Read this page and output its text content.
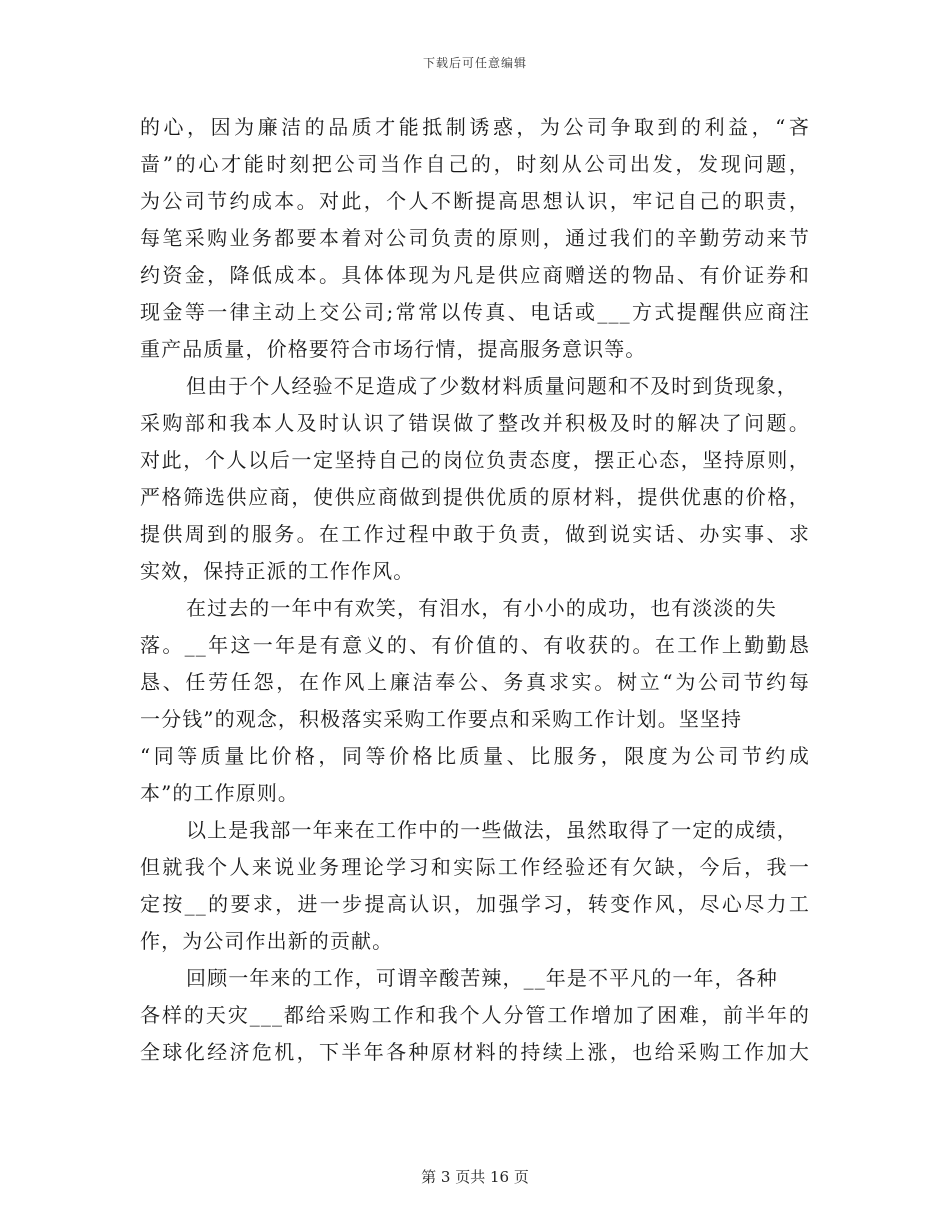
下载后可任意编辑
的心，因为廉洁的品质才能抵制诱惑，为公司争取到的利益，“吝
啬”的心才能时刻把公司当作自己的，时刻从公司出发，发现问题，
为公司节约成本。对此，个人不断提高思想认识，牢记自己的职责，
每笔采购业务都要本着对公司负责的原则，通过我们的辛勤劳动来节
约资金，降低成本。具体体现为凡是供应商赠送的物品、有价证券和
现金等一律主动上交公司;常常以传真、电话或___方式提醒供应商注
重产品质量，价格要符合市场行情，提高服务意识等。
但由于个人经验不足造成了少数材料质量问题和不及时到货现象，
采购部和我本人及时认识了错误做了整改并积极及时的解决了问题。
对此，个人以后一定坚持自己的岗位负责态度，摆正心态，坚持原则，
严格筛选供应商，使供应商做到提供优质的原材料，提供优惠的价格，
提供周到的服务。在工作过程中敢于负责，做到说实话、办实事、求
实效，保持正派的工作作风。
在过去的一年中有欢笑，有泪水，有小小的成功，也有淡淡的失
落。__年这一年是有意义的、有价值的、有收获的。在工作上勤勤恳
恳、任劳任怨，在作风上廉洁奉公、务真求实。树立“为公司节约每
一分钱”的观念，积极落实采购工作要点和采购工作计划。坚坚持
“同等质量比价格，同等价格比质量、比服务，限度为公司节约成
本”的工作原则。
以上是我部一年来在工作中的一些做法，虽然取得了一定的成绩，
但就我个人来说业务理论学习和实际工作经验还有欠缺，今后，我一
定按__的要求，进一步提高认识，加强学习，转变作风，尽心尽力工
作，为公司作出新的贡献。
回顾一年来的工作，可谓辛酸苦辣，__年是不平凡的一年，各种
各样的天灾___都给采购工作和我个人分管工作增加了困难，前半年的
全球化经济危机，下半年各种原材料的持续上涨，也给采购工作加大
第 3 页共 16 页
